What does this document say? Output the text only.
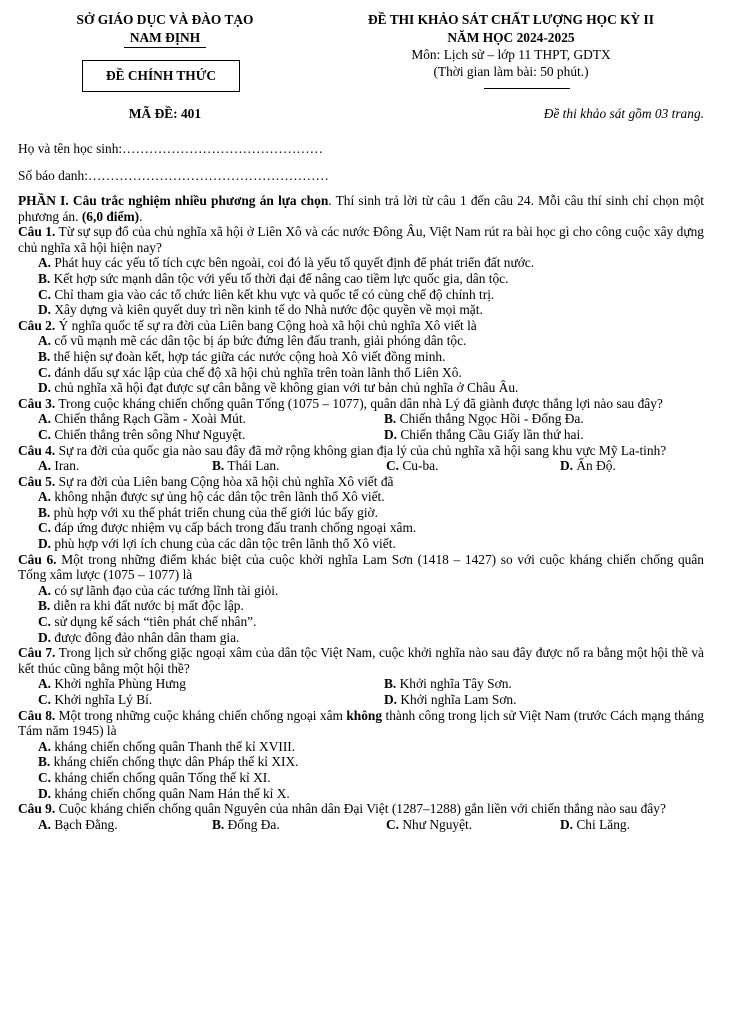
SỞ GIÁO DỤC VÀ ĐÀO TẠO
NAM ĐỊNH
ĐỀ CHÍNH THỨC
MÃ ĐỀ: 401
ĐỀ THI KHẢO SÁT CHẤT LƯỢNG HỌC KỲ II
NĂM HỌC 2024-2025
Môn: Lịch sử – lớp 11 THPT, GDTX
(Thời gian làm bài: 50 phút.)
Đề thi khảo sát gồm 03 trang.
Họ và tên học sinh:………………………………………
Số báo danh:………………………………………………

PHẦN I. Câu trắc nghiệm nhiều phương án lựa chọn. Thí sinh trả lời từ câu 1 đến câu 24. Mỗi câu thí sinh chỉ chọn một phương án. (6,0 điểm).

Câu 1. Từ sự sụp đổ của chủ nghĩa xã hội ở Liên Xô và các nước Đông Âu, Việt Nam rút ra bài học gì cho công cuộc xây dựng chủ nghĩa xã hội hiện nay?

A. Phát huy các yếu tố tích cực bên ngoài, coi đó là yếu tố quyết định để phát triển đất nước.

B. Kết hợp sức mạnh dân tộc với yếu tố thời đại để nâng cao tiềm lực quốc gia, dân tộc.

C. Chỉ tham gia vào các tổ chức liên kết khu vực và quốc tế có cùng chế độ chính trị.

D. Xây dựng và kiên quyết duy trì nền kinh tế do Nhà nước độc quyền về mọi mặt.

Câu 2. Ý nghĩa quốc tế sự ra đời của Liên bang Cộng hoà xã hội chủ nghĩa Xô viết là

A. cổ vũ mạnh mẽ các dân tộc bị áp bức đứng lên đấu tranh, giải phóng dân tộc.

B. thể hiện sự đoàn kết, hợp tác giữa các nước cộng hoà Xô viết đồng minh.

C. đánh dấu sự xác lập của chế độ xã hội chủ nghĩa trên toàn lãnh thổ Liên Xô.

D. chủ nghĩa xã hội đạt được sự cân bằng về không gian với tư bản chủ nghĩa ở Châu Âu.

Câu 3. Trong cuộc kháng chiến chống quân Tống (1075 – 1077), quân dân nhà Lý đã giành được thắng lợi nào sau đây?

A. Chiến thắng Rạch Gầm - Xoài Mút.	B. Chiến thắng Ngọc Hồi - Đống Đa.
C. Chiến thắng trên sông Như Nguyệt.	D. Chiến thắng Cầu Giấy lần thứ hai.

Câu 4. Sự ra đời của quốc gia nào sau đây đã mở rộng không gian địa lý của chủ nghĩa xã hội sang khu vực Mỹ La-tinh?

A. Iran.	B. Thái Lan.	C. Cu-ba.	D. Ấn Độ.

Câu 5. Sự ra đời của Liên bang Cộng hòa xã hội chủ nghĩa Xô viết đã

A. không nhận được sự ủng hộ các dân tộc trên lãnh thổ Xô viết.

B. phù hợp với xu thế phát triển chung của thế giới lúc bấy giờ.

C. đáp ứng được nhiệm vụ cấp bách trong đấu tranh chống ngoại xâm.

D. phù hợp với lợi ích chung của các dân tộc trên lãnh thổ Xô viết.

Câu 6. Một trong những điểm khác biệt của cuộc khởi nghĩa Lam Sơn (1418 – 1427) so với cuộc kháng chiến chống quân Tống xâm lược (1075 – 1077) là

A. có sự lãnh đạo của các tướng lĩnh tài giỏi.

B. diễn ra khi đất nước bị mất độc lập.

C. sử dụng kế sách “tiên phát chế nhân”.

D. được đông đảo nhân dân tham gia.

Câu 7. Trong lịch sử chống giặc ngoại xâm của dân tộc Việt Nam, cuộc khởi nghĩa nào sau đây được nổ ra bằng một hội thề và kết thúc cũng bằng một hội thề?

A. Khởi nghĩa Phùng Hưng	B. Khởi nghĩa Tây Sơn.
C. Khởi nghĩa Lý Bí.	D. Khởi nghĩa Lam Sơn.

Câu 8. Một trong những cuộc kháng chiến chống ngoại xâm không thành công trong lịch sử Việt Nam (trước Cách mạng tháng Tám năm 1945) là

A. kháng chiến chống quân Thanh thế kỉ XVIII.

B. kháng chiến chống thực dân Pháp thế kỉ XIX.

C. kháng chiến chống quân Tống thế kỉ XI.

D. kháng chiến chống quân Nam Hán thế kỉ X.

Câu 9. Cuộc kháng chiến chống quân Nguyên của nhân dân Đại Việt (1287–1288) gắn liền với chiến thắng nào sau đây?

A. Bạch Đằng.	B. Đống Đa.	C. Như Nguyệt.	D. Chi Lăng.
